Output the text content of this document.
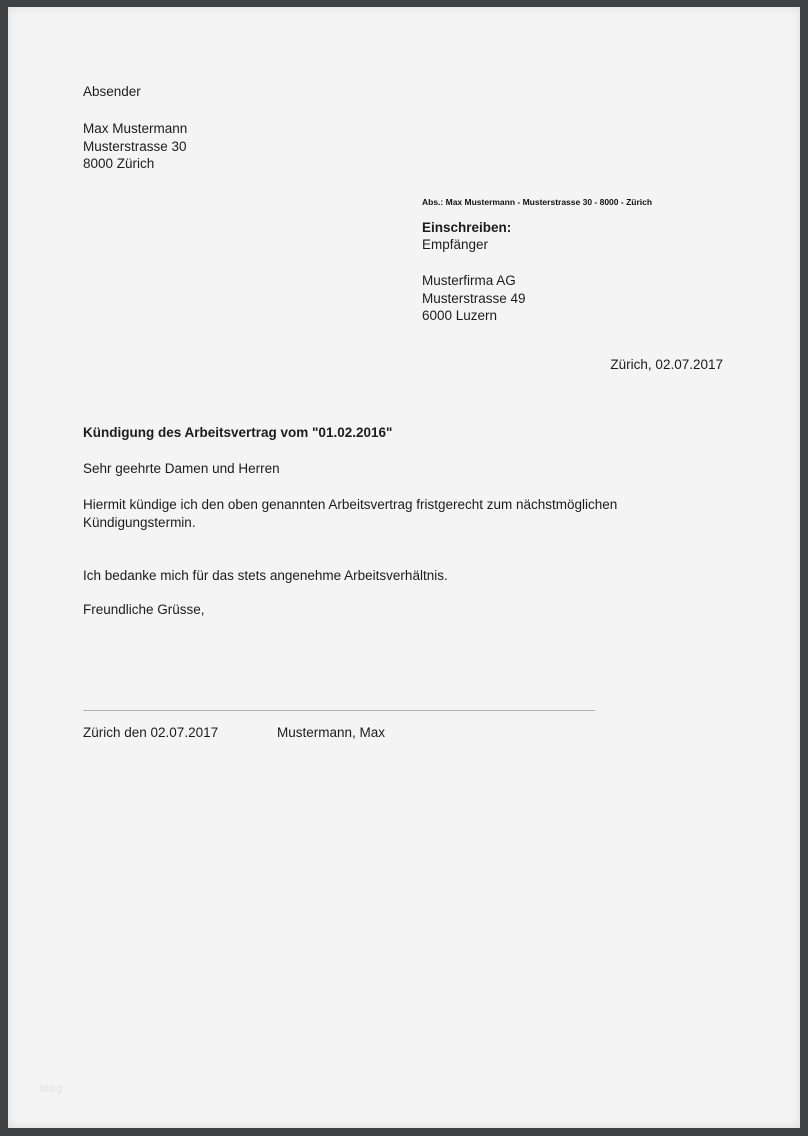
Absender
Max Mustermann
Musterstrasse 30
8000 Zürich
Abs.: Max Mustermann - Musterstrasse 30 - 8000 - Zürich
Einschreiben:
Empfänger
Musterfirma AG
Musterstrasse 49
6000 Luzern
Zürich, 02.07.2017
Kündigung des Arbeitsvertrag vom "01.02.2016"
Sehr geehrte Damen und Herren
Hiermit kündige ich den oben genannten Arbeitsvertrag fristgerecht zum nächstmöglichen Kündigungstermin.
Ich bedanke mich für das stets angenehme Arbeitsverhältnis.
Freundliche Grüsse,
Zürich den 02.07.2017	Mustermann, Max
blog
